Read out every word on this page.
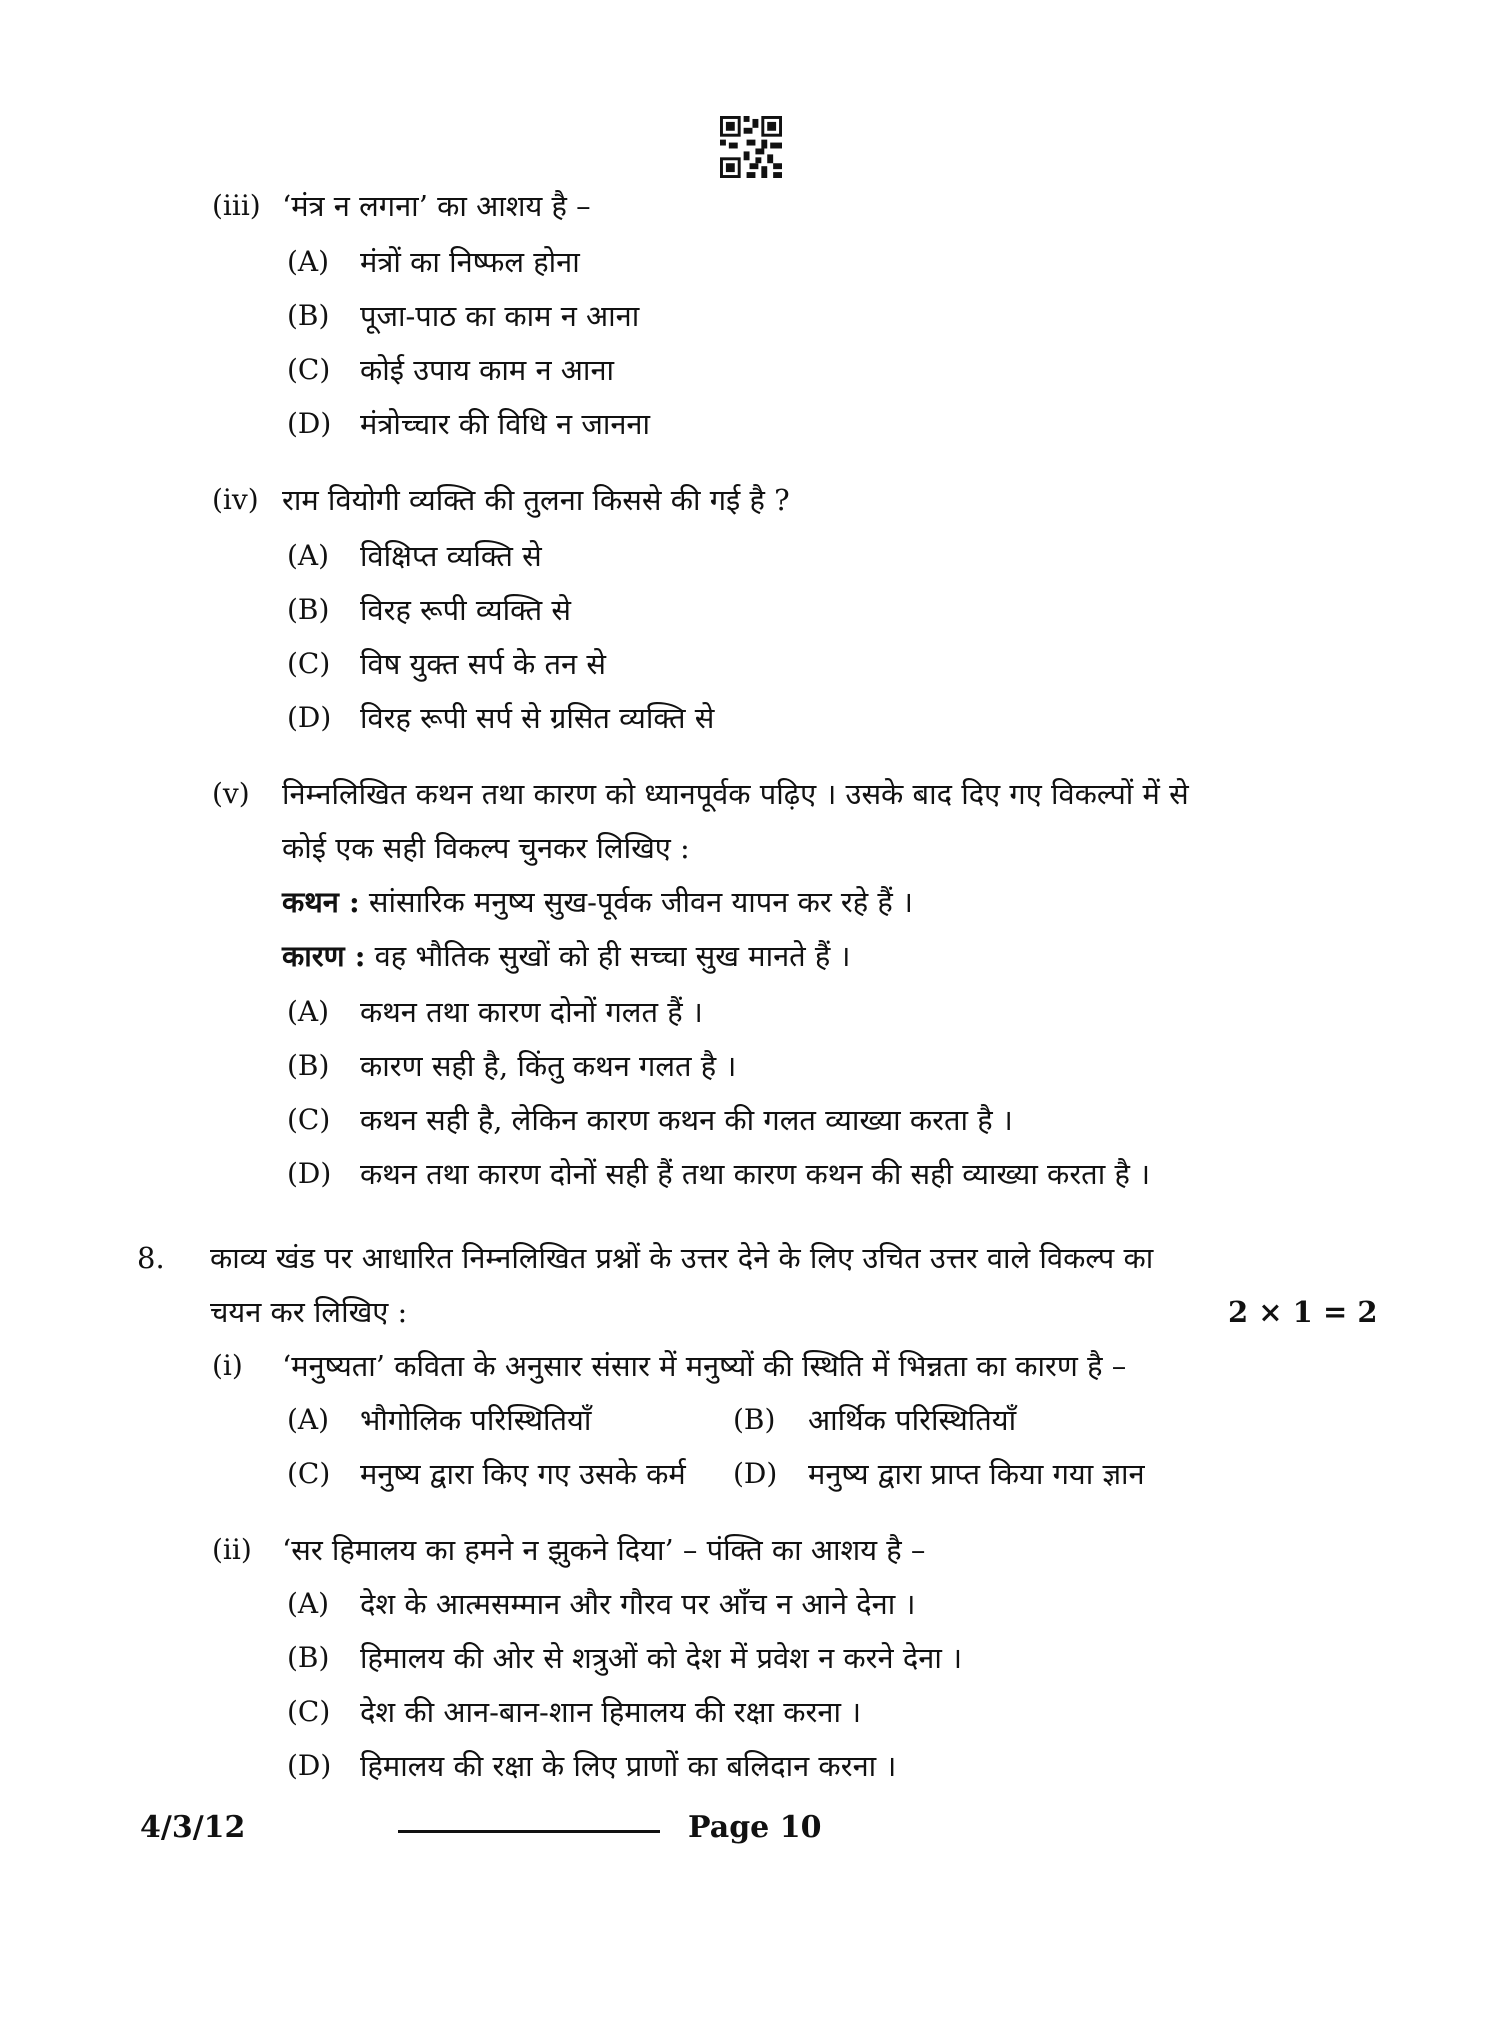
(iii) ‘मंत्र न लगना’ का आशय है –
(A) मंत्रों का निष्फल होना
(B) पूजा-पाठ का काम न आना
(C) कोई उपाय काम न आना
(D) मंत्रोच्चार की विधि न जानना
(iv) राम वियोगी व्यक्ति की तुलना किससे की गई है ?
(A) विक्षिप्त व्यक्ति से
(B) विरह रूपी व्यक्ति से
(C) विष युक्त सर्प के तन से
(D) विरह रूपी सर्प से ग्रसित व्यक्ति से
(v) निम्नलिखित कथन तथा कारण को ध्यानपूर्वक पढ़िए । उसके बाद दिए गए विकल्पों में से
कोई एक सही विकल्प चुनकर लिखिए :
कथन : सांसारिक मनुष्य सुख-पूर्वक जीवन यापन कर रहे हैं ।
कारण : वह भौतिक सुखों को ही सच्चा सुख मानते हैं ।
(A) कथन तथा कारण दोनों गलत हैं ।
(B) कारण सही है, किंतु कथन गलत है ।
(C) कथन सही है, लेकिन कारण कथन की गलत व्याख्या करता है ।
(D) कथन तथा कारण दोनों सही हैं तथा कारण कथन की सही व्याख्या करता है ।
8. काव्य खंड पर आधारित निम्नलिखित प्रश्नों के उत्तर देने के लिए उचित उत्तर वाले विकल्प का
चयन कर लिखिए :	2 × 1 = 2
(i) ‘मनुष्यता’ कविता के अनुसार संसार में मनुष्यों की स्थिति में भिन्नता का कारण है –
(A) भौगोलिक परिस्थितियाँ	(B) आर्थिक परिस्थितियाँ
(C) मनुष्य द्वारा किए गए उसके कर्म (D) मनुष्य द्वारा प्राप्त किया गया ज्ञान
(ii) ‘सर हिमालय का हमने न झुकने दिया’ – पंक्ति का आशय है –
(A) देश के आत्मसम्मान और गौरव पर आँच न आने देना ।
(B) हिमालय की ओर से शत्रुओं को देश में प्रवेश न करने देना ।
(C) देश की आन-बान-शान हिमालय की रक्षा करना ।
(D) हिमालय की रक्षा के लिए प्राणों का बलिदान करना ।
4/3/12	Page 10
